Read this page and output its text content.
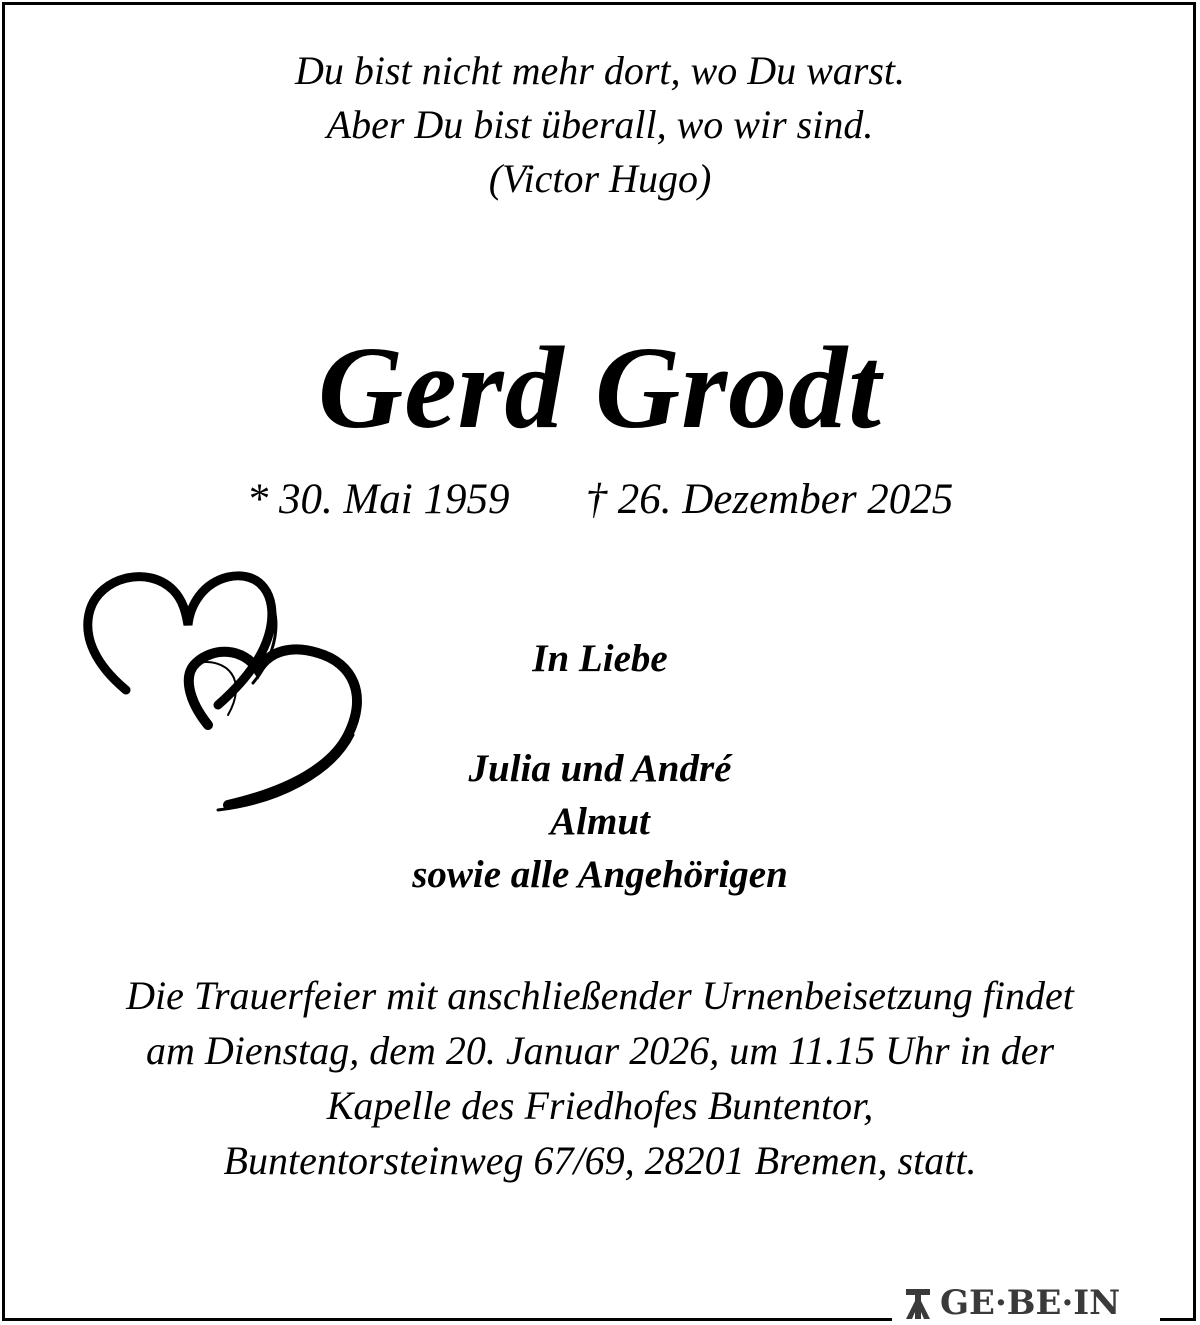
Du bist nicht mehr dort, wo Du warst.
Aber Du bist überall, wo wir sind.
(Victor Hugo)
Gerd Grodt
* 30. Mai 1959 † 26. Dezember 2025
In Liebe
Julia und André
Almut
sowie alle Angehörigen
Die Trauerfeier mit anschließender Urnenbeisetzung findet
am Dienstag, dem 20. Januar 2026, um 11.15 Uhr in der
Kapelle des Friedhofes Buntentor,
Buntentorsteinweg 67/69, 28201 Bremen, statt.
GE·BE·IN
